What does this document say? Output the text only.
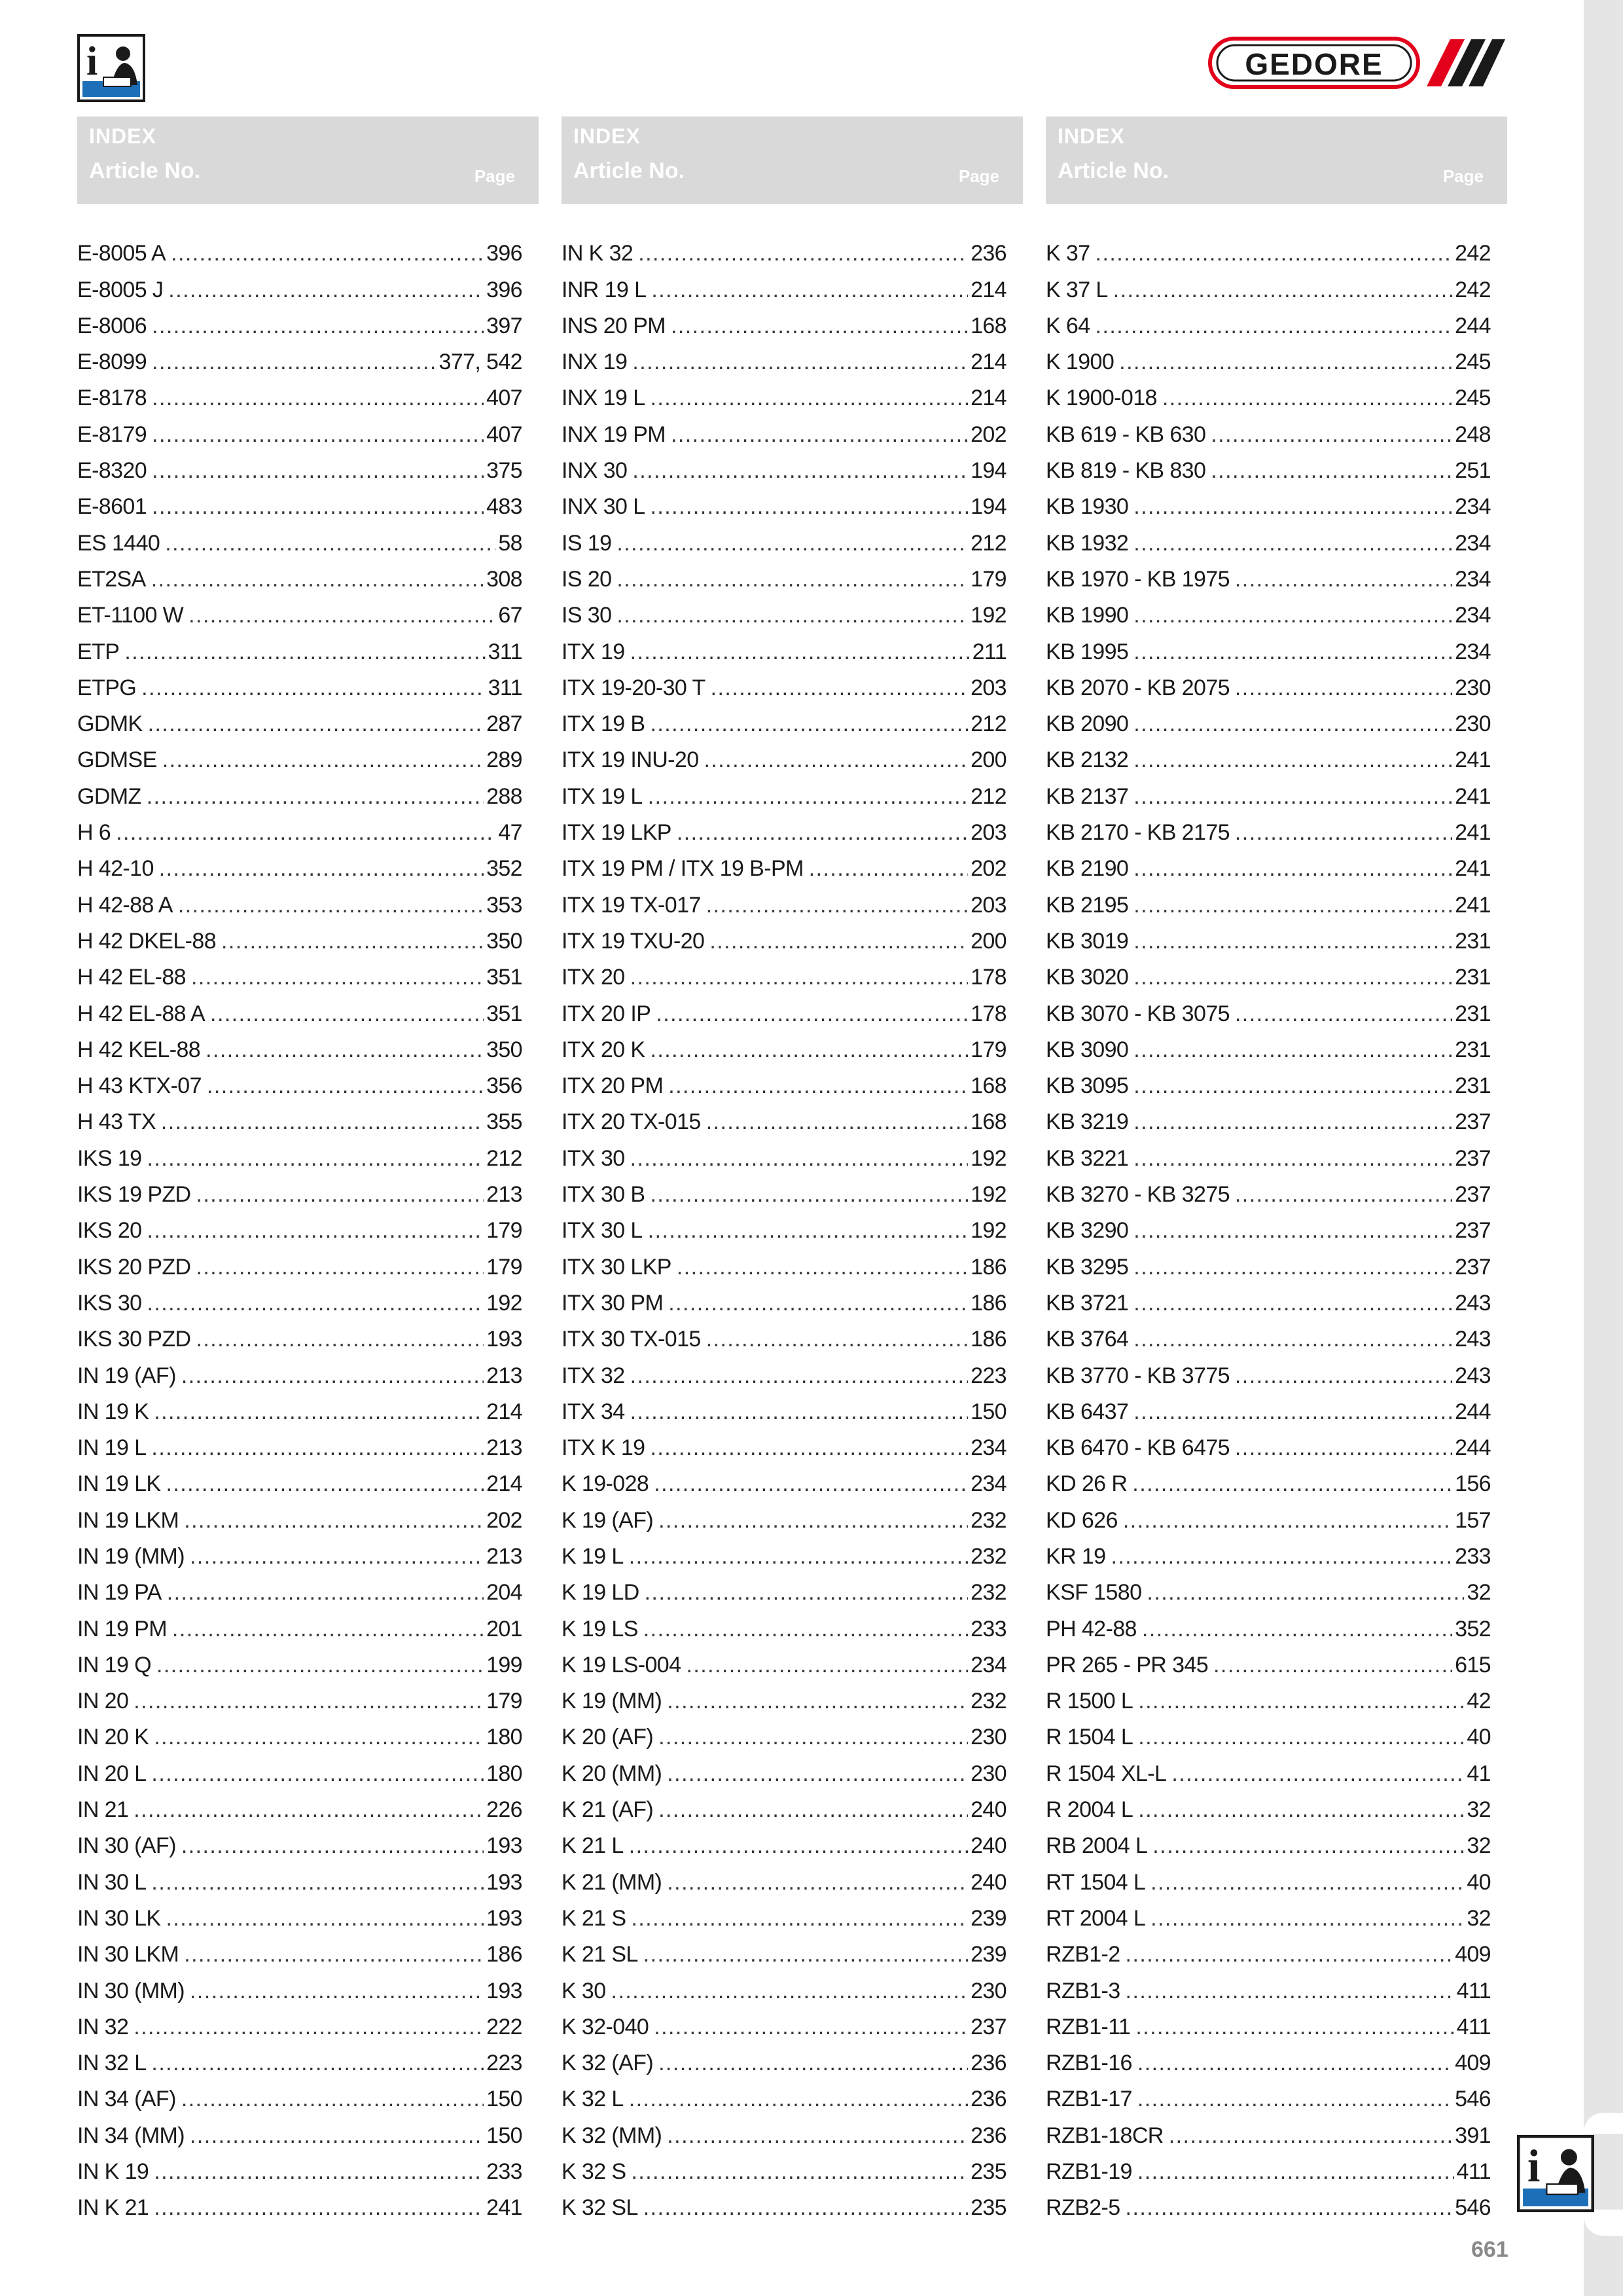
i	GEDORE
i
INDEX
Article No.	Page
E-8005 A . . .	396
E-8005 J . . .	396
E-8006 . . .	397
E-8099 . . .	377, 542
E-8178 . . .	407
E-8179 . . .	407
E-8320 . . .	375
E-8601 . . .	483
ES 1440 . . .	58
ET2SA . . .	308
ET-1100 W . . .	67
ETP . . .	311
ETPG . . .	311
GDMK . . .	287
GDMSE . . .	289
GDMZ . . .	288
H 6 . . .	47
H 42-10 . . .	352
H 42-88 A . . .	353
H 42 DKEL-88 . . .	350
H 42 EL-88 . . .	351
H 42 EL-88 A . . .	351
H 42 KEL-88 . . .	350
H 43 KTX-07 . . .	356
H 43 TX . . .	355
IKS 19 . . .	212
IKS 19 PZD . . .	213
IKS 20 . . .	179
IKS 20 PZD . . .	179
IKS 30 . . .	192
IKS 30 PZD . . .	193
IN 19 (AF) . . .	213
IN 19 K . . .	214
IN 19 L . . .	213
IN 19 LK . . .	214
IN 19 LKM . . .	202
IN 19 (MM) . . .	213
IN 19 PA . . .	204
IN 19 PM . . .	201
IN 19 Q . . .	199
IN 20 . . .	179
IN 20 K . . .	180
IN 20 L . . .	180
IN 21 . . .	226
IN 30 (AF) . . .	193
IN 30 L . . .	193
IN 30 LK . . .	193
IN 30 LKM . . .	186
IN 30 (MM) . . .	193
IN 32 . . .	222
IN 32 L . . .	223
IN 34 (AF) . . .	150
IN 34 (MM) . . .	150
IN K 19 . . .	233
IN K 21 . . .	241
INDEX
Article No.	Page
IN K 32 . . .	236
INR 19 L . . .	214
INS 20 PM . . .	168
INX 19 . . .	214
INX 19 L . . .	214
INX 19 PM . . .	202
INX 30 . . .	194
INX 30 L . . .	194
IS 19 . . .	212
IS 20 . . .	179
IS 30 . . .	192
ITX 19 . . .	211
ITX 19-20-30 T . . .	203
ITX 19 B . . .	212
ITX 19 INU-20 . . .	200
ITX 19 L . . .	212
ITX 19 LKP . . .	203
ITX 19 PM / ITX 19 B-PM . . .	202
ITX 19 TX-017 . . .	203
ITX 19 TXU-20 . . .	200
ITX 20 . . .	178
ITX 20 IP . . .	178
ITX 20 K . . .	179
ITX 20 PM . . .	168
ITX 20 TX-015 . . .	168
ITX 30 . . .	192
ITX 30 B . . .	192
ITX 30 L . . .	192
ITX 30 LKP . . .	186
ITX 30 PM . . .	186
ITX 30 TX-015 . . .	186
ITX 32 . . .	223
ITX 34 . . .	150
ITX K 19 . . .	234
K 19-028 . . .	234
K 19 (AF) . . .	232
K 19 L . . .	232
K 19 LD . . .	232
K 19 LS . . .	233
K 19 LS-004 . . .	234
K 19 (MM) . . .	232
K 20 (AF) . . .	230
K 20 (MM) . . .	230
K 21 (AF) . . .	240
K 21 L . . .	240
K 21 (MM) . . .	240
K 21 S . . .	239
K 21 SL . . .	239
K 30 . . .	230
K 32-040 . . .	237
K 32 (AF) . . .	236
K 32 L . . .	236
K 32 (MM) . . .	236
K 32 S . . .	235
K 32 SL . . .	235
INDEX
Article No.	Page
K 37 . . .	242
K 37 L . . .	242
K 64 . . .	244
K 1900 . . .	245
K 1900-018 . . .	245
KB 619 - KB 630 . . .	248
KB 819 - KB 830 . . .	251
KB 1930 . . .	234
KB 1932 . . .	234
KB 1970 - KB 1975 . . .	234
KB 1990 . . .	234
KB 1995 . . .	234
KB 2070 - KB 2075 . . .	230
KB 2090 . . .	230
KB 2132 . . .	241
KB 2137 . . .	241
KB 2170 - KB 2175 . . .	241
KB 2190 . . .	241
KB 2195 . . .	241
KB 3019 . . .	231
KB 3020 . . .	231
KB 3070 - KB 3075 . . .	231
KB 3090 . . .	231
KB 3095 . . .	231
KB 3219 . . .	237
KB 3221 . . .	237
KB 3270 - KB 3275 . . .	237
KB 3290 . . .	237
KB 3295 . . .	237
KB 3721 . . .	243
KB 3764 . . .	243
KB 3770 - KB 3775 . . .	243
KB 6437 . . .	244
KB 6470 - KB 6475 . . .	244
KD 26 R . . .	156
KD 626 . . .	157
KR 19 . . .	233
KSF 1580 . . .	32
PH 42-88 . . .	352
PR 265 - PR 345 . . .	615
R 1500 L . . .	42
R 1504 L . . .	40
R 1504 XL-L . . .	41
R 2004 L . . .	32
RB 2004 L . . .	32
RT 1504 L . . .	40
RT 2004 L . . .	32
RZB1-2 . . .	409
RZB1-3 . . .	411
RZB1-11 . . .	411
RZB1-16 . . .	409
RZB1-17 . . .	546
RZB1-18CR . . .	391
RZB1-19 . . .	411
RZB2-5 . . .	546
661
